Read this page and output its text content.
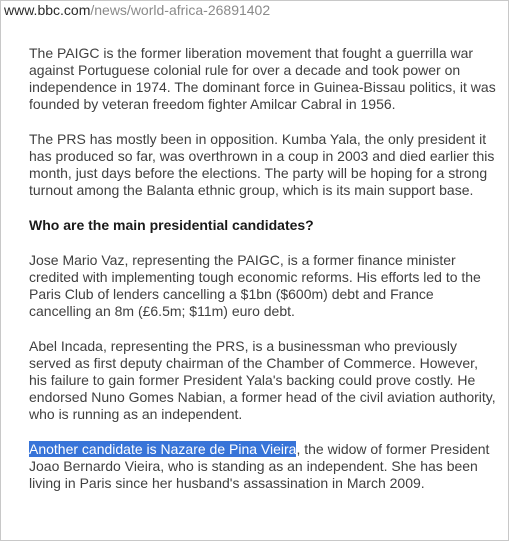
www.bbc.com/news/world-africa-26891402

The PAIGC is the former liberation movement that fought a guerrilla war against Portuguese colonial rule for over a decade and took power on independence in 1974. The dominant force in Guinea-Bissau politics, it was founded by veteran freedom fighter Amilcar Cabral in 1956.

The PRS has mostly been in opposition. Kumba Yala, the only president it has produced so far, was overthrown in a coup in 2003 and died earlier this month, just days before the elections. The party will be hoping for a strong turnout among the Balanta ethnic group, which is its main support base.

Who are the main presidential candidates?

Jose Mario Vaz, representing the PAIGC, is a former finance minister credited with implementing tough economic reforms. His efforts led to the Paris Club of lenders cancelling a $1bn ($600m) debt and France cancelling an 8m (£6.5m; $11m) euro debt.

Abel Incada, representing the PRS, is a businessman who previously served as first deputy chairman of the Chamber of Commerce. However, his failure to gain former President Yala's backing could prove costly. He endorsed Nuno Gomes Nabian, a former head of the civil aviation authority, who is running as an independent.

Another candidate is Nazare de Pina Vieira, the widow of former President Joao Bernardo Vieira, who is standing as an independent. She has been living in Paris since her husband's assassination in March 2009.
